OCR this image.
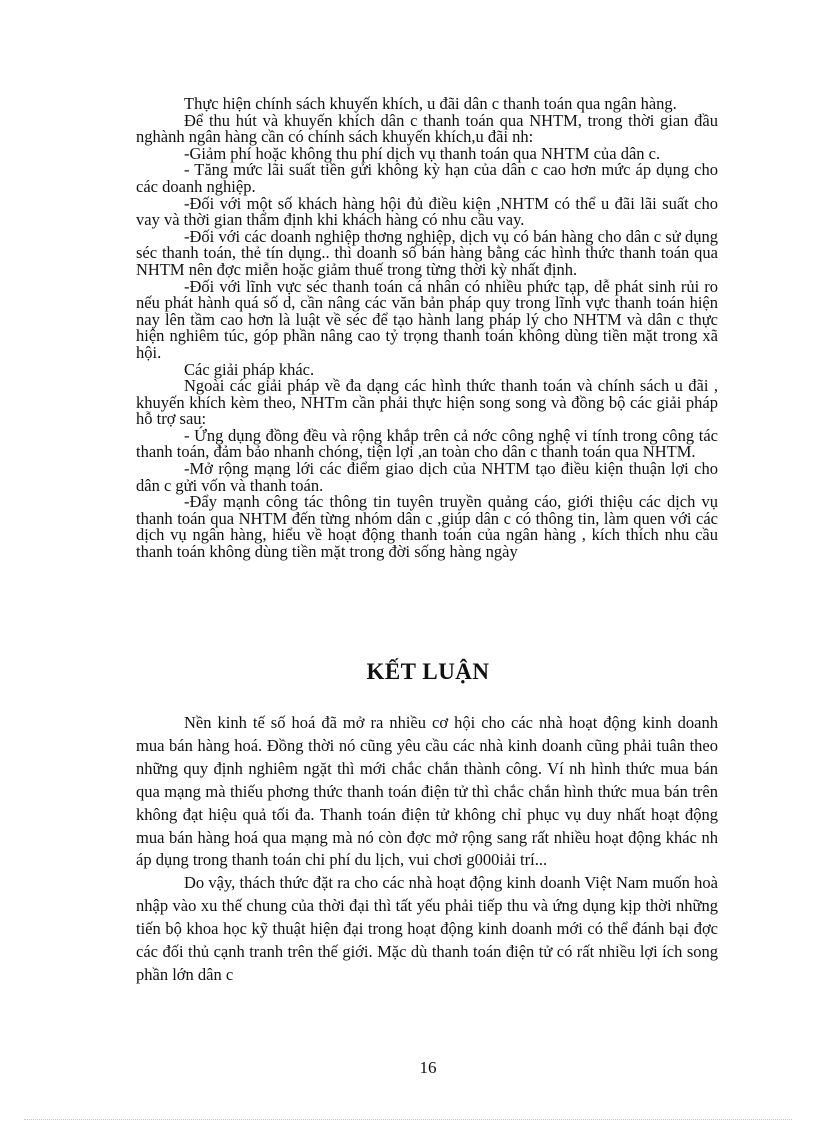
Thực hiện chính sách khuyến khích, u đãi dân c thanh toán qua ngân hàng.

Để thu hút và khuyến khích dân c thanh toán qua NHTM, trong thời gian đầu nghành ngân hàng cần có chính sách khuyến khích,u đãi nh:

-Giảm phí hoặc không thu phí dịch vụ thanh toán qua NHTM của dân c.

- Tăng mức lãi suất tiền gửi không kỳ hạn của dân c cao hơn mức áp dụng cho các doanh nghiệp.

-Đối với một số khách hàng hội đủ điều kiện ,NHTM có thể u đãi lãi suất cho vay và thời gian thẩm định khi khách hàng có nhu cầu vay.

-Đối với các doanh nghiệp thơng nghiệp, dịch vụ có bán hàng cho dân c sử dụng séc thanh toán, thẻ tín dụng.. thì doanh số bán hàng bằng các hình thức thanh toán qua NHTM nên đợc miễn hoặc giảm thuế trong từng thời kỳ nhất định.

-Đối với lĩnh vực séc thanh toán cá nhân có nhiều phức tạp, dễ phát sinh rủi ro nếu phát hành quá số d, cần nâng các văn bản pháp quy trong lĩnh vực thanh toán hiện nay lên tầm cao hơn là luật về séc để tạo hành lang pháp lý cho NHTM và dân c thực hiện nghiêm túc, góp phần nâng cao tỷ trọng thanh toán không dùng tiền mặt trong xã hội.

Các giải pháp khác.

Ngoài các giải pháp về đa dạng các hình thức thanh toán và chính sách u đãi , khuyến khích kèm theo, NHTm cần phải thực hiện song song và đồng bộ các giải pháp hỗ trợ sau:

- Ứng dụng đồng đều và rộng khắp trên cả nớc công nghệ vi tính trong công tác thanh toán, đảm bảo nhanh chóng, tiện lợi ,an toàn cho dân c thanh toán qua NHTM.

-Mở rộng mạng lới các điểm giao dịch của NHTM tạo điều kiện thuận lợi cho dân c gửi vốn và thanh toán.

-Đẩy mạnh công tác thông tin tuyên truyền quảng cáo, giới thiệu các dịch vụ thanh toán qua NHTM đến từng nhóm dân c ,giúp dân c có thông tin, làm quen với các dịch vụ ngân hàng, hiểu về hoạt động thanh toán của ngân hàng , kích thích nhu cầu thanh toán không dùng tiền mặt trong đời sống hàng ngày

KẾT LUẬN

Nền kinh tế số hoá đã mở ra nhiều cơ hội cho các nhà hoạt động kinh doanh mua bán hàng hoá. Đồng thời nó cũng yêu cầu các nhà kinh doanh cũng phải tuân theo những quy định nghiêm ngặt thì mới chắc chắn thành công. Ví nh hình thức mua bán qua mạng mà thiếu phơng thức thanh toán điện tử thì chắc chắn hình thức mua bán trên không đạt hiệu quả tối đa. Thanh toán điện tử không chỉ phục vụ duy nhất hoạt động mua bán hàng hoá qua mạng mà nó còn đợc mở rộng sang rất nhiều hoạt động khác nh áp dụng trong thanh toán chi phí du lịch, vui chơi g000iải trí...

Do vậy, thách thức đặt ra cho các nhà hoạt động kinh doanh Việt Nam muốn hoà nhập vào xu thế chung của thời đại thì tất yếu phải tiếp thu và ứng dụng kịp thời những tiến bộ khoa học kỹ thuật hiện đại trong hoạt động kinh doanh mới có thể đánh bại đợc các đối thủ cạnh tranh trên thế giới. Mặc dù thanh toán điện tử có rất nhiều lợi ích song phần lớn dân c

16
